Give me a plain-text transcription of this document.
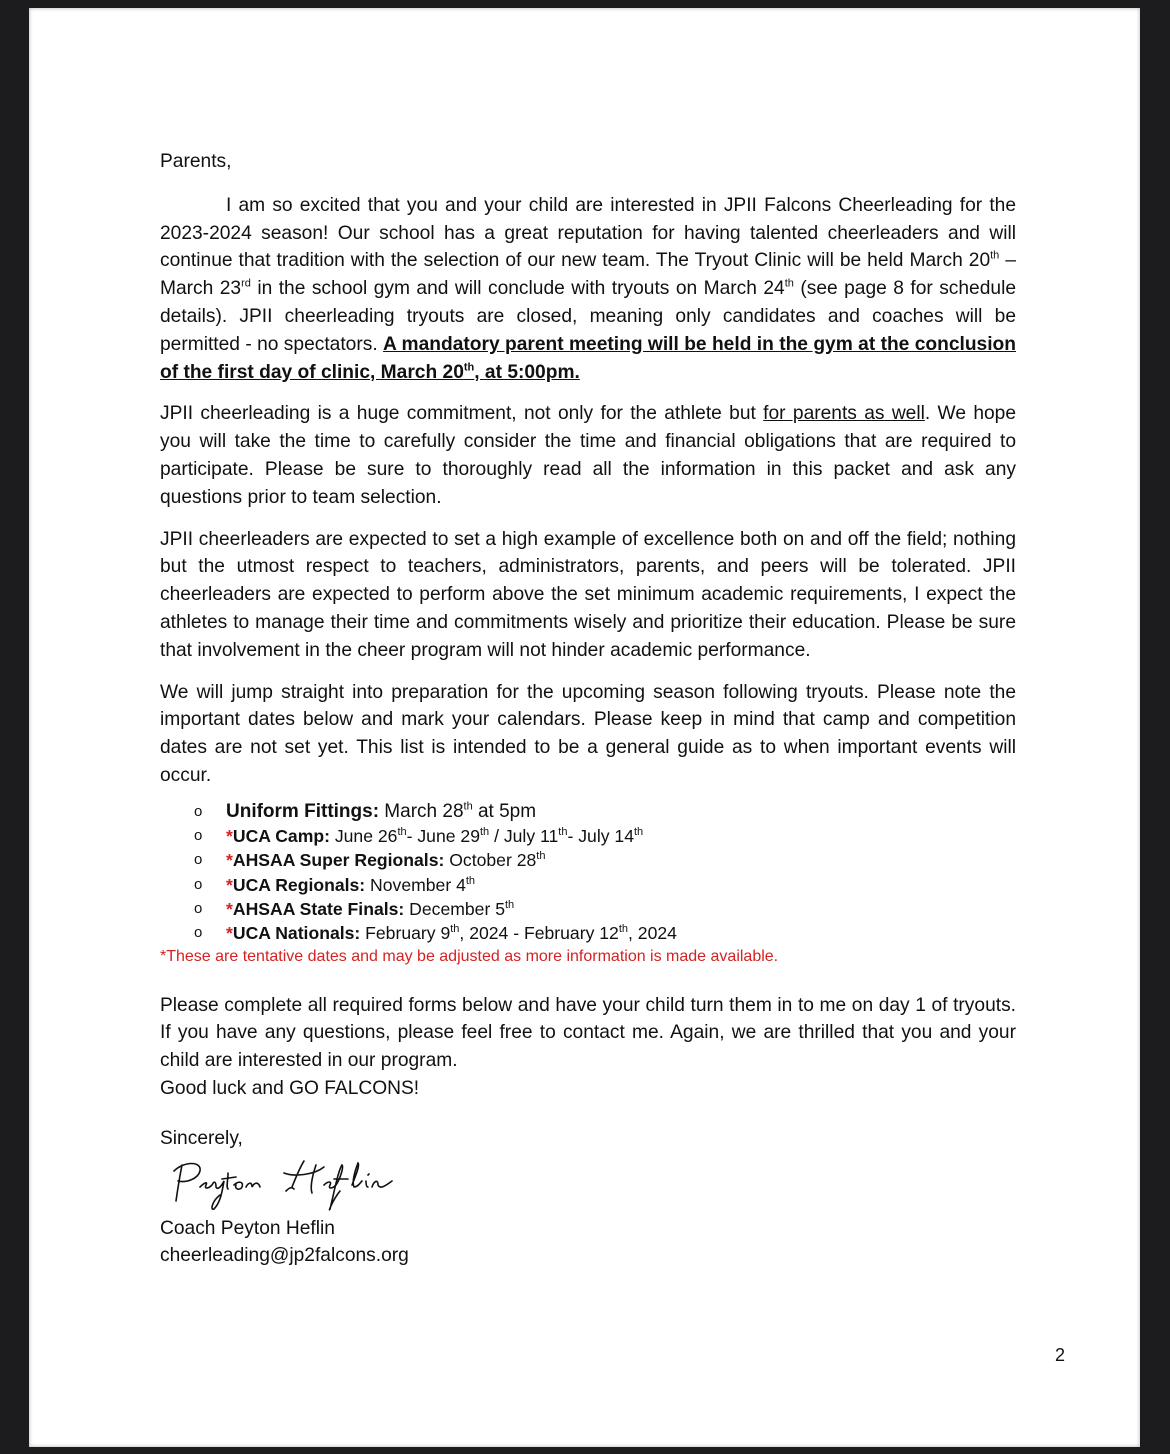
Parents,

I am so excited that you and your child are interested in JPII Falcons Cheerleading for the 2023-2024 season! Our school has a great reputation for having talented cheerleaders and will continue that tradition with the selection of our new team. The Tryout Clinic will be held March 20th – March 23rd in the school gym and will conclude with tryouts on March 24th (see page 8 for schedule details). JPII cheerleading tryouts are closed, meaning only candidates and coaches will be permitted - no spectators. A mandatory parent meeting will be held in the gym at the conclusion of the first day of clinic, March 20th, at 5:00pm.

JPII cheerleading is a huge commitment, not only for the athlete but for parents as well. We hope you will take the time to carefully consider the time and financial obligations that are required to participate. Please be sure to thoroughly read all the information in this packet and ask any questions prior to team selection.

JPII cheerleaders are expected to set a high example of excellence both on and off the field; nothing but the utmost respect to teachers, administrators, parents, and peers will be tolerated. JPII cheerleaders are expected to perform above the set minimum academic requirements, I expect the athletes to manage their time and commitments wisely and prioritize their education. Please be sure that involvement in the cheer program will not hinder academic performance.

We will jump straight into preparation for the upcoming season following tryouts. Please note the important dates below and mark your calendars. Please keep in mind that camp and competition dates are not set yet. This list is intended to be a general guide as to when important events will occur.

o Uniform Fittings: March 28th at 5pm
o *UCA Camp: June 26th- June 29th / July 11th- July 14th
o *AHSAA Super Regionals: October 28th
o *UCA Regionals: November 4th
o *AHSAA State Finals: December 5th
o *UCA Nationals: February 9th, 2024 - February 12th, 2024

*These are tentative dates and may be adjusted as more information is made available.

Please complete all required forms below and have your child turn them in to me on day 1 of tryouts. If you have any questions, please feel free to contact me. Again, we are thrilled that you and your child are interested in our program.
Good luck and GO FALCONS!

Sincerely,

Coach Peyton Heflin

cheerleading@jp2falcons.org

2
